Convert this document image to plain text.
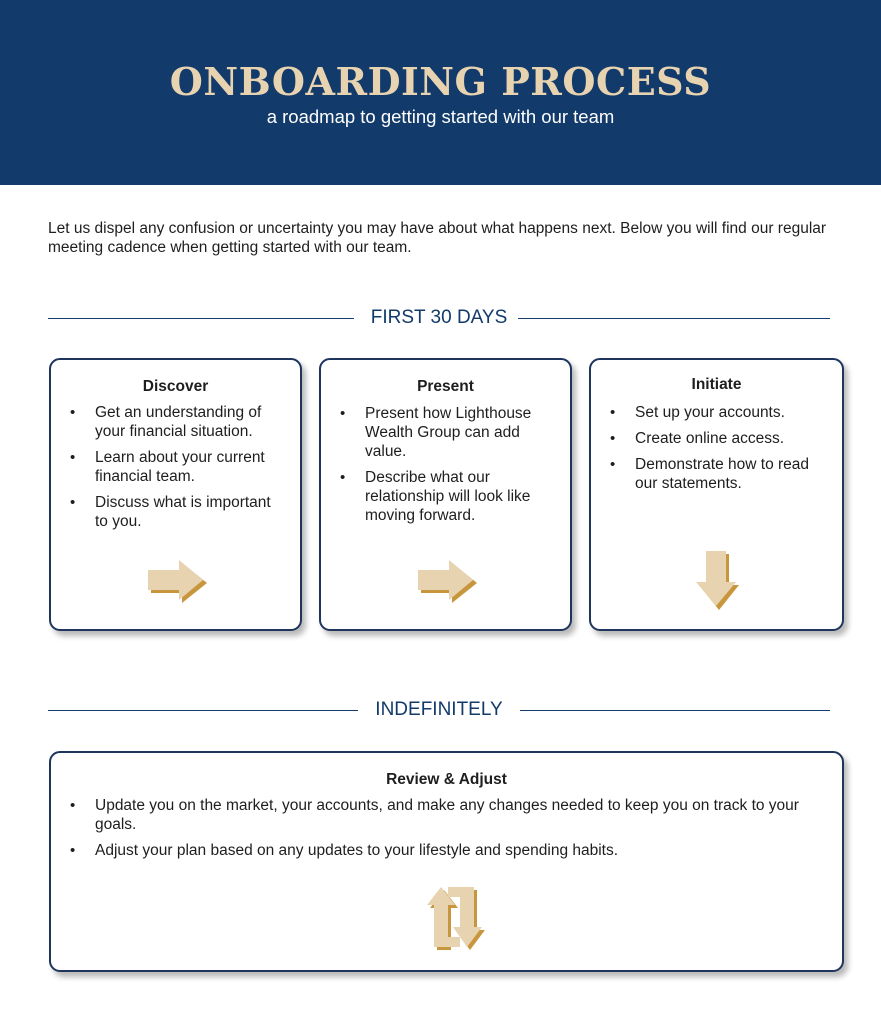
ONBOARDING PROCESS
a roadmap to getting started with our team
Let us dispel any confusion or uncertainty you may have about what happens next. Below you will find our regular meeting cadence when getting started with our team.
FIRST 30 DAYS
Discover
• Get an understanding of your financial situation.
• Learn about your current financial team.
• Discuss what is important to you.
Present
• Present how Lighthouse Wealth Group can add value.
• Describe what our relationship will look like moving forward.
Initiate
• Set up your accounts.
• Create online access.
• Demonstrate how to read our statements.
INDEFINITELY
Review & Adjust
• Update you on the market, your accounts, and make any changes needed to keep you on track to your goals.
• Adjust your plan based on any updates to your lifestyle and spending habits.
